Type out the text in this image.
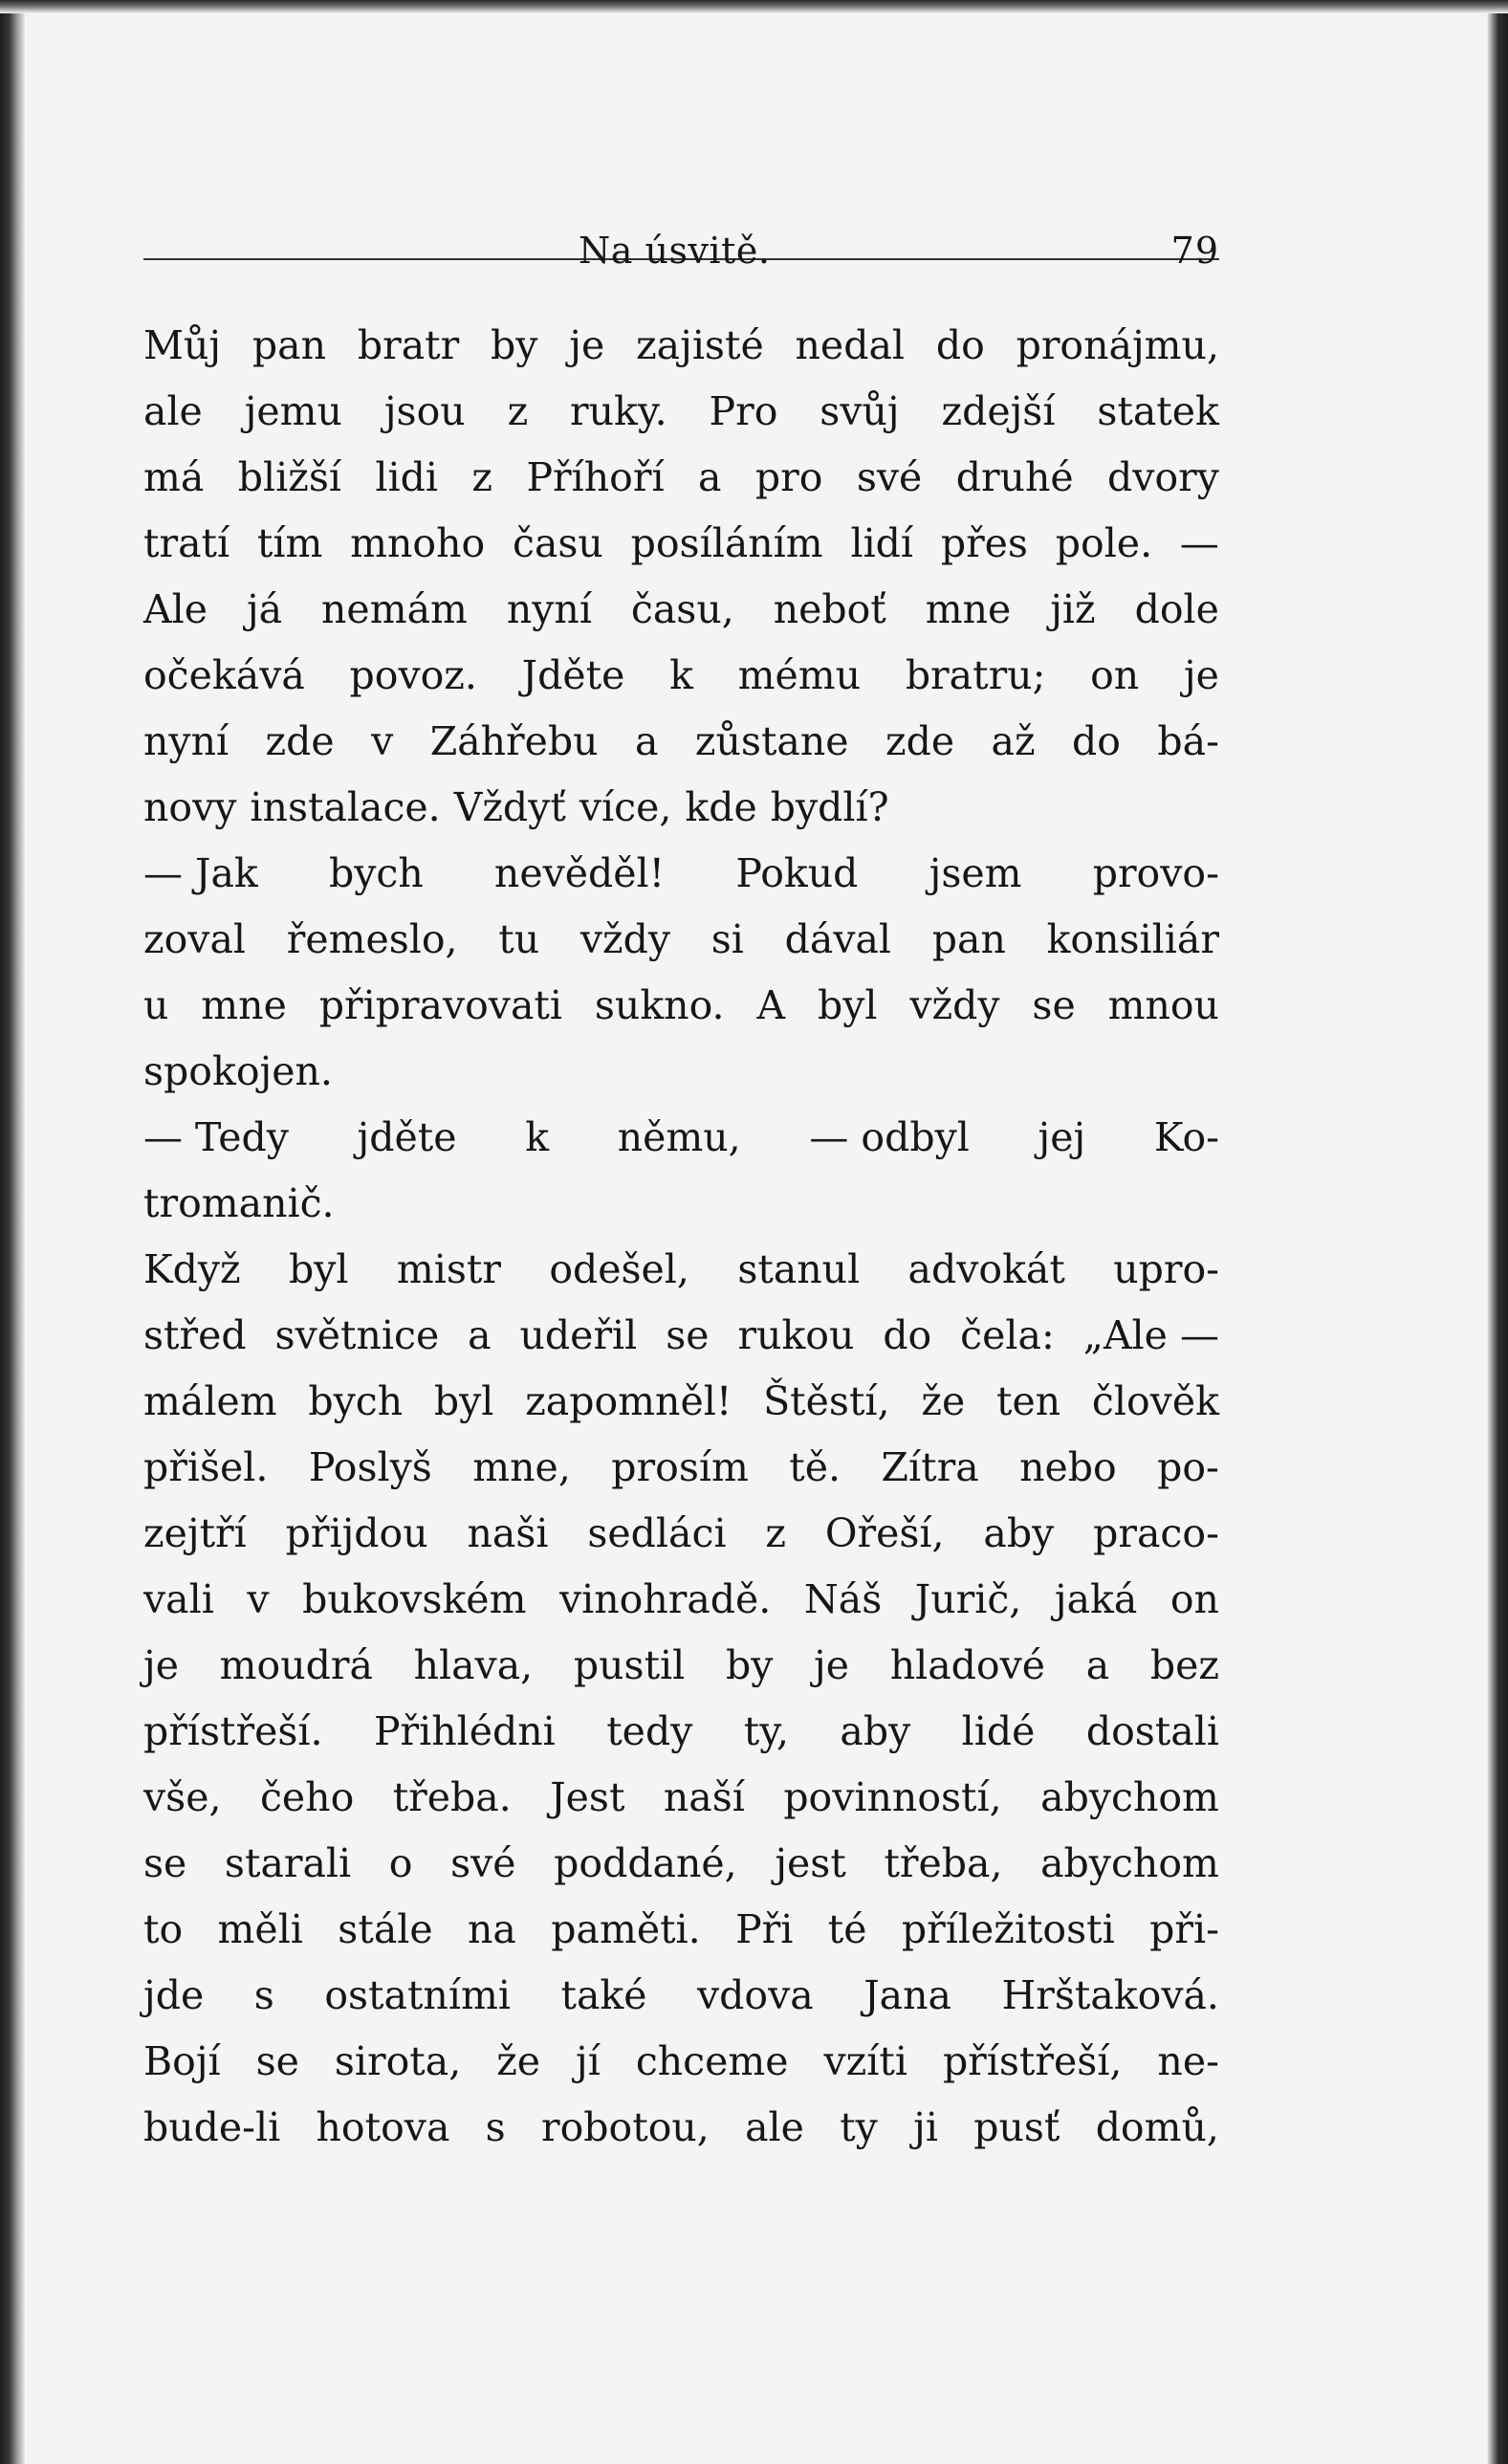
Na úsvitě.	79
Můj pan bratr by je zajisté nedal do pronájmu,
ale jemu jsou z ruky. Pro svůj zdejší statek
má bližší lidi z Příhoří a pro své druhé dvory
tratí tím mnoho času posíláním lidí přes pole. —
Ale já nemám nyní času, neboť mne již dole
očekává povoz. Jděte k mému bratru; on je
nyní zde v Záhřebu a zůstane zde až do bá-
novy instalace. Vždyť více, kde bydlí?
— Jak bych nevěděl! Pokud jsem provo-
zoval řemeslo, tu vždy si dával pan konsiliár
u mne připravovati sukno. A byl vždy se mnou
spokojen.
— Tedy jděte k němu, — odbyl jej Ko-
tromanič.
Když byl mistr odešel, stanul advokát upro-
střed světnice a udeřil se rukou do čela: „Ale —
málem bych byl zapomněl! Štěstí, že ten člověk
přišel. Poslyš mne, prosím tě. Zítra nebo po-
zejtří přijdou naši sedláci z Ořeší, aby praco-
vali v bukovském vinohradě. Náš Jurič, jaká on
je moudrá hlava, pustil by je hladové a bez
přístřeší. Přihlédni tedy ty, aby lidé dostali
vše, čeho třeba. Jest naší povinností, abychom
se starali o své poddané, jest třeba, abychom
to měli stále na paměti. Při té příležitosti při-
jde s ostatními také vdova Jana Hrštaková.
Bojí se sirota, že jí chceme vzíti přístřeší, ne-
bude-li hotova s robotou, ale ty ji pusť domů,
